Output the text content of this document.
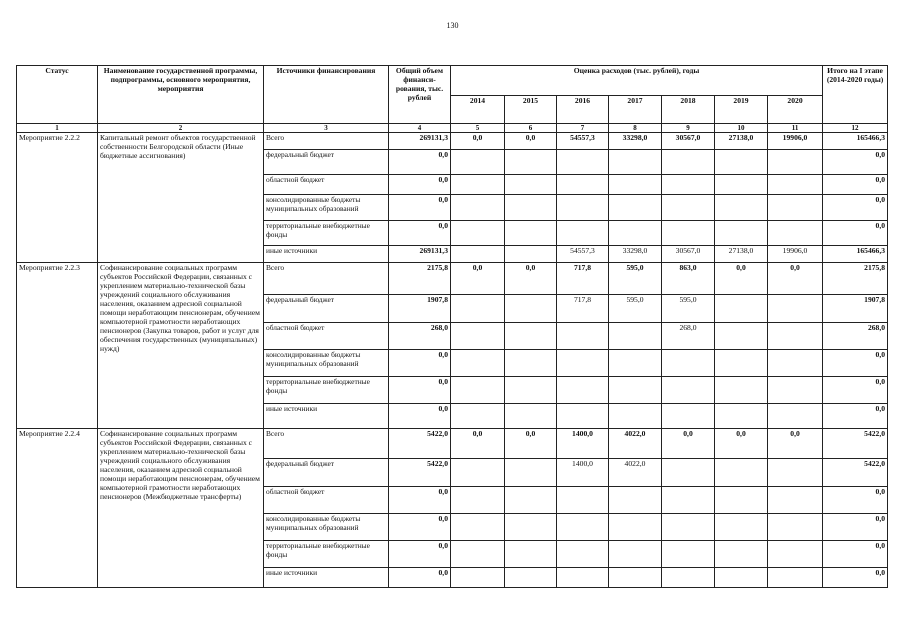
130
Статус	Наименование государственной программы, подпрограммы, основного мероприятия, мероприятия	Источники финансирования	Общий объем финанси-рования, тыс. рублей	Оценка расходов (тыс. рублей), годы							Итого на I этапе (2014-2020 годы)
				2014	2015	2016	2017	2018	2019	2020	
1	2	3	4	5	6	7	8	9	10	11	12
Мероприятие 2.2.2	Капитальный ремонт объектов государственной собственности Белгородской области (Иные бюджетные ассигнования)	Всего	269131,3	0,0	0,0	54557,3	33298,0	30567,0	27138,0	19906,0	165466,3
		федеральный бюджет	0,0								0,0
		областной бюджет	0,0								0,0
		консолидированные бюджеты муниципальных образований	0,0								0,0
		территориальные внебюджетные фонды	0,0								0,0
		иные источники	269131,3			54557,3	33298,0	30567,0	27138,0	19906,0	165466,3
Мероприятие 2.2.3	Софинансирование социальных программ субъектов Российской Федерации, связанных с укреплением материально-технической базы учреждений социального обслуживания населения, оказанием адресной социальной помощи неработающим пенсионерам, обучением компьютерной грамотности неработающих пенсионеров (Закупка товаров, работ и услуг для обеспечения государственных (муниципальных) нужд)	Всего	2175,8	0,0	0,0	717,8	595,0	863,0	0,0	0,0	2175,8
		федеральный бюджет	1907,8			717,8	595,0	595,0			1907,8
		областной бюджет	268,0					268,0			268,0
		консолидированные бюджеты муниципальных образований	0,0								0,0
		территориальные внебюджетные фонды	0,0								0,0
		иные источники	0,0								0,0
Мероприятие 2.2.4	Софинансирование социальных программ субъектов Российской Федерации, связанных с укреплением материально-технической базы учреждений социального обслуживания населения, оказанием адресной социальной помощи неработающим пенсионерам, обучением компьютерной грамотности неработающих пенсионеров (Межбюджетные трансферты)	Всего	5422,0	0,0	0,0	1400,0	4022,0	0,0	0,0	0,0	5422,0
		федеральный бюджет	5422,0			1400,0	4022,0				5422,0
		областной бюджет	0,0								0,0
		консолидированные бюджеты муниципальных образований	0,0								0,0
		территориальные внебюджетные фонды	0,0								0,0
		иные источники	0,0								0,0
